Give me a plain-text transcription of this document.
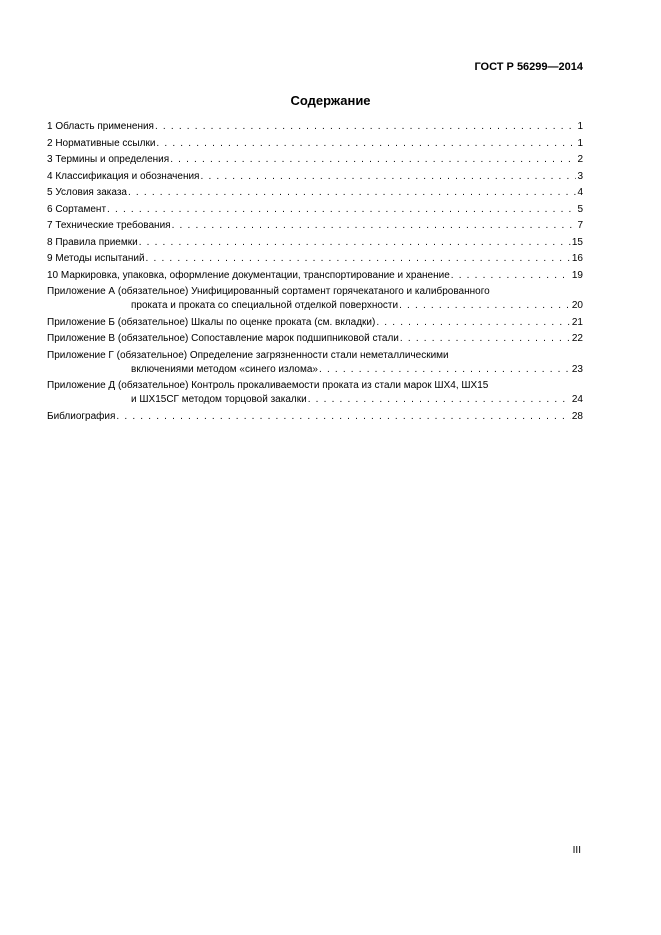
ГОСТ Р 56299—2014
Содержание
1 Область применения . . .	1
2 Нормативные ссылки . . .	1
3 Термины и определения . . .	2
4 Классификация и обозначения . . .	3
5 Условия заказа . . .	4
6 Сортамент . . .	5
7 Технические требования . . .	7
8 Правила приемки . . .	15
9 Методы испытаний . . .	16
10 Маркировка, упаковка, оформление документации, транспортирование и хранение . . .	19
Приложение А (обязательное) Унифицированный сортамент горячекатаного и калиброванного
проката и проката со специальной отделкой поверхности . . .	20
Приложение Б (обязательное) Шкалы по оценке проката (см. вкладки) . . .	21
Приложение В (обязательное) Сопоставление марок подшипниковой стали . . .	22
Приложение Г (обязательное) Определение загрязненности стали неметаллическими
включениями методом «синего излома» . . .	23
Приложение Д (обязательное) Контроль прокаливаемости проката из стали марок ШХ4, ШХ15
и ШХ15СГ методом торцовой закалки . . .	24
Библиография . . .	28
III
